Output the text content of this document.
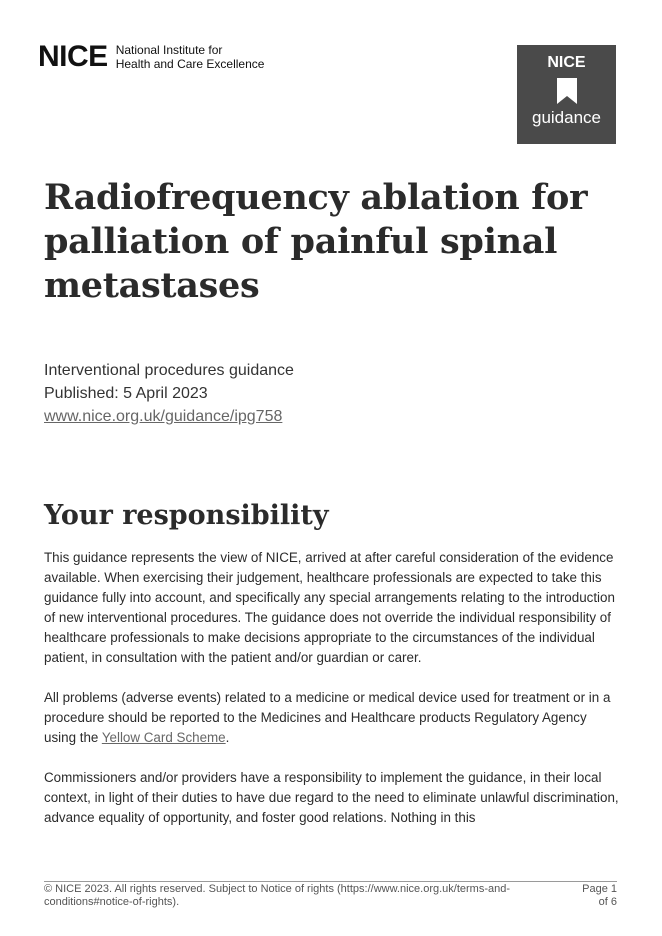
NICE National Institute for
Health and Care Excellence	NICE
guidance
Radiofrequency ablation for
palliation of painful spinal
metastases
Interventional procedures guidance
Published: 5 April 2023
www.nice.org.uk/guidance/ipg758
Your responsibility

This guidance represents the view of NICE, arrived at after careful consideration of the evidence available. When exercising their judgement, healthcare professionals are expected to take this guidance fully into account, and specifically any special arrangements relating to the introduction of new interventional procedures. The guidance does not override the individual responsibility of healthcare professionals to make decisions appropriate to the circumstances of the individual patient, in consultation with the patient and/or guardian or carer.

All problems (adverse events) related to a medicine or medical device used for treatment or in a procedure should be reported to the Medicines and Healthcare products Regulatory Agency using the Yellow Card Scheme.

Commissioners and/or providers have a responsibility to implement the guidance, in their local context, in light of their duties to have due regard to the need to eliminate unlawful discrimination, advance equality of opportunity, and foster good relations. Nothing in this

© NICE 2023. All rights reserved. Subject to Notice of rights (https://www.nice.org.uk/terms-and-conditions#notice-of-rights).
Page 1
of 6
